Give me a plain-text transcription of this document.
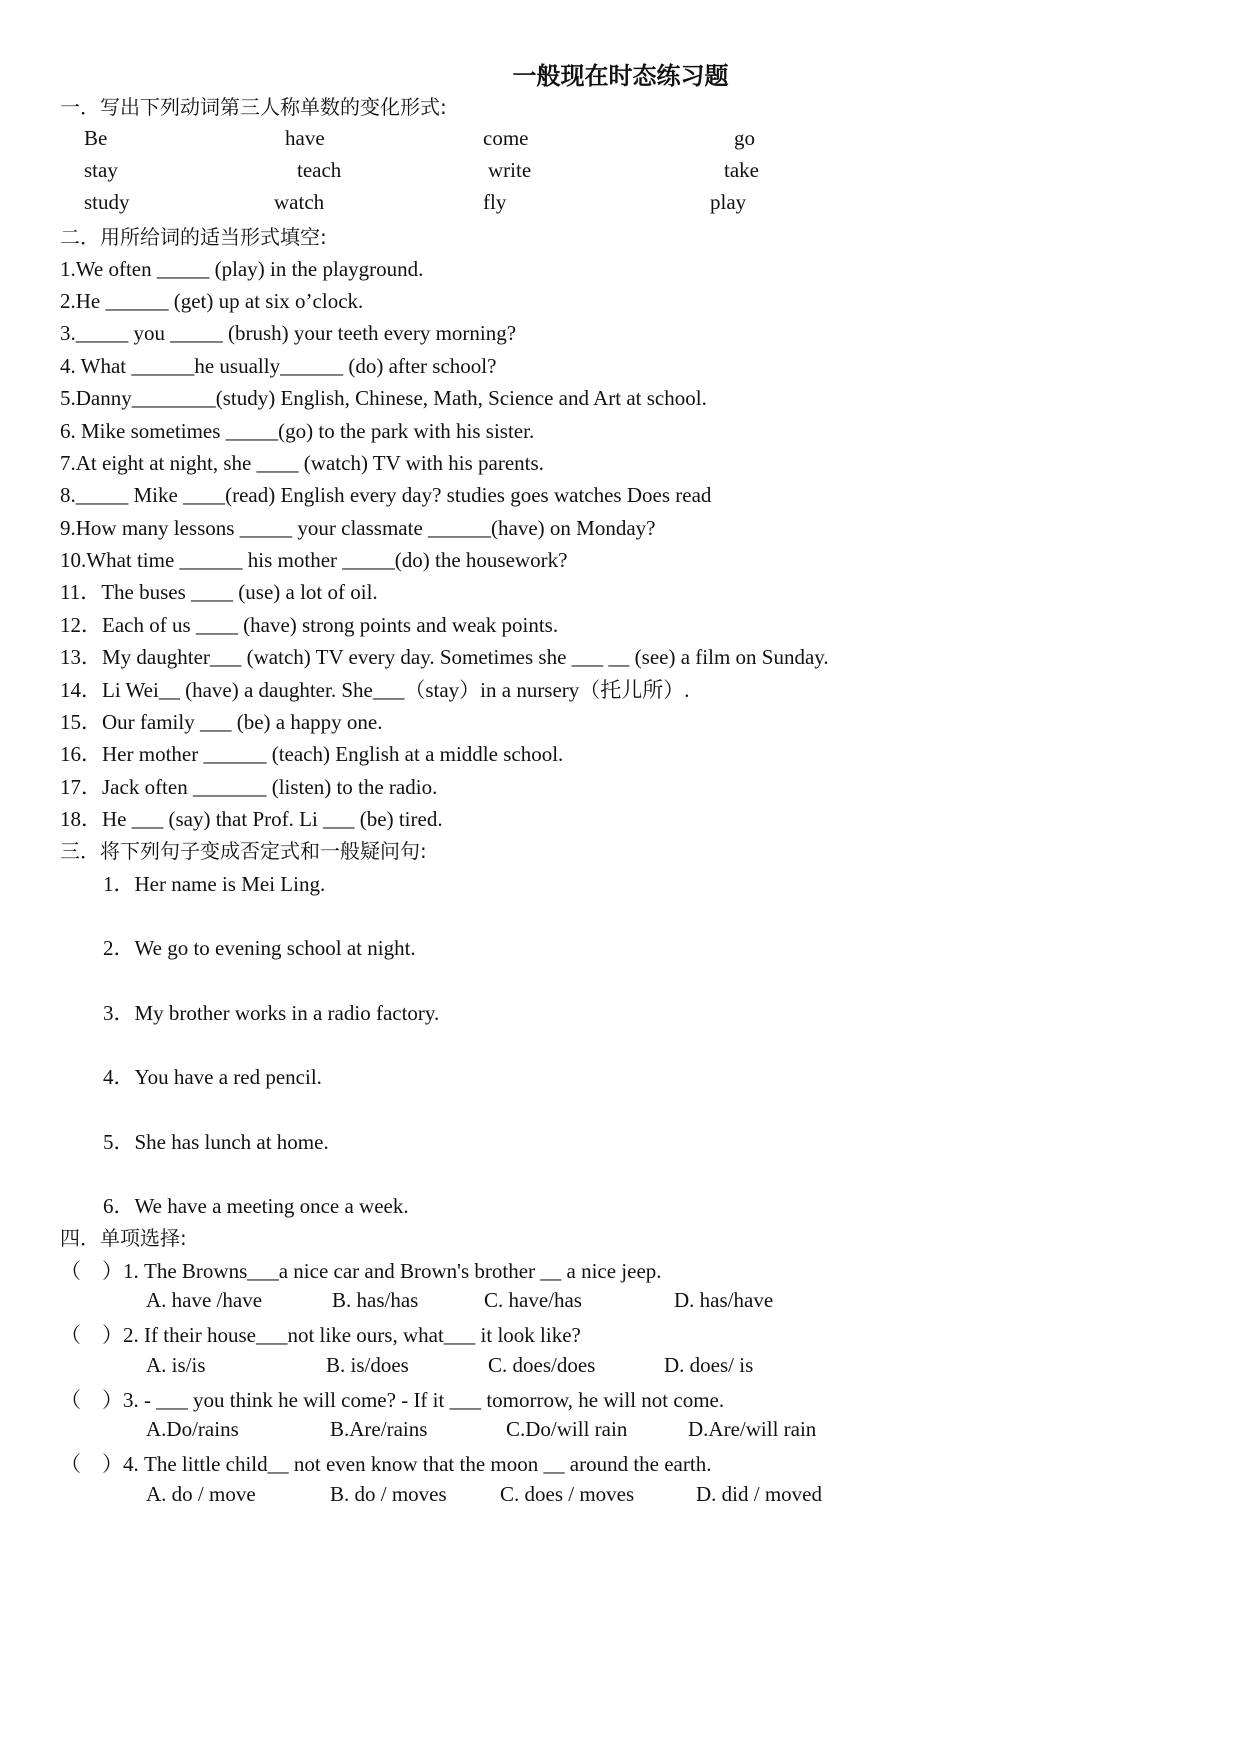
一般现在时态练习题
一．写出下列动词第三人称单数的变化形式:
Be	have	come	go
stay	teach	write	take
study	watch	fly	play
二．用所给词的适当形式填空:
1.We often _____ (play) in the playground.
2.He ______ (get) up at six o’clock.
3._____ you _____ (brush) your teeth every morning?
4. What ______he usually______ (do) after school?
5.Danny________(study) English, Chinese, Math, Science and Art at school.
6. Mike sometimes _____(go) to the park with his sister.
7.At eight at night, she ____ (watch) TV with his parents.
8._____ Mike ____(read) English every day? studies goes watches Does read
9.How many lessons _____ your classmate ______(have) on Monday?
10.What time ______ his mother _____(do) the housework?
11．The buses ____ (use) a lot of oil.
12．Each of us ____ (have) strong points and weak points.
13．My daughter___ (watch) TV every day. Sometimes she ___ __ (see) a film on Sunday.
14．Li Wei__ (have) a daughter. She___（stay）in a nursery（托儿所）.
15．Our family ___ (be) a happy one.
16．Her mother ______ (teach) English at a middle school.
17．Jack often _______ (listen) to the radio.
18．He ___ (say) that Prof. Li ___ (be) tired.
三．将下列句子变成否定式和一般疑问句:
1．Her name is Mei Ling.
2．We go to evening school at night.
3．My brother works in a radio factory.
4．You have a red pencil.
5．She has lunch at home.
6．We have a meeting once a week.
四．单项选择:
（　）1. The Browns___a nice car and Brown's brother __ a nice jeep.
A. have /have	B. has/has	C. have/has	D. has/have
（　）2. If their house___not like ours, what___ it look like?
A. is/is	B. is/does	C. does/does	D. does/ is
（　）3. - ___ you think he will come? - If it ___ tomorrow, he will not come.
A.Do/rains	B.Are/rains	C.Do/will rain	D.Are/will rain
（　）4. The little child__ not even know that the moon __ around the earth.
A. do / move	B. do / moves	C. does / moves	D. did / moved
